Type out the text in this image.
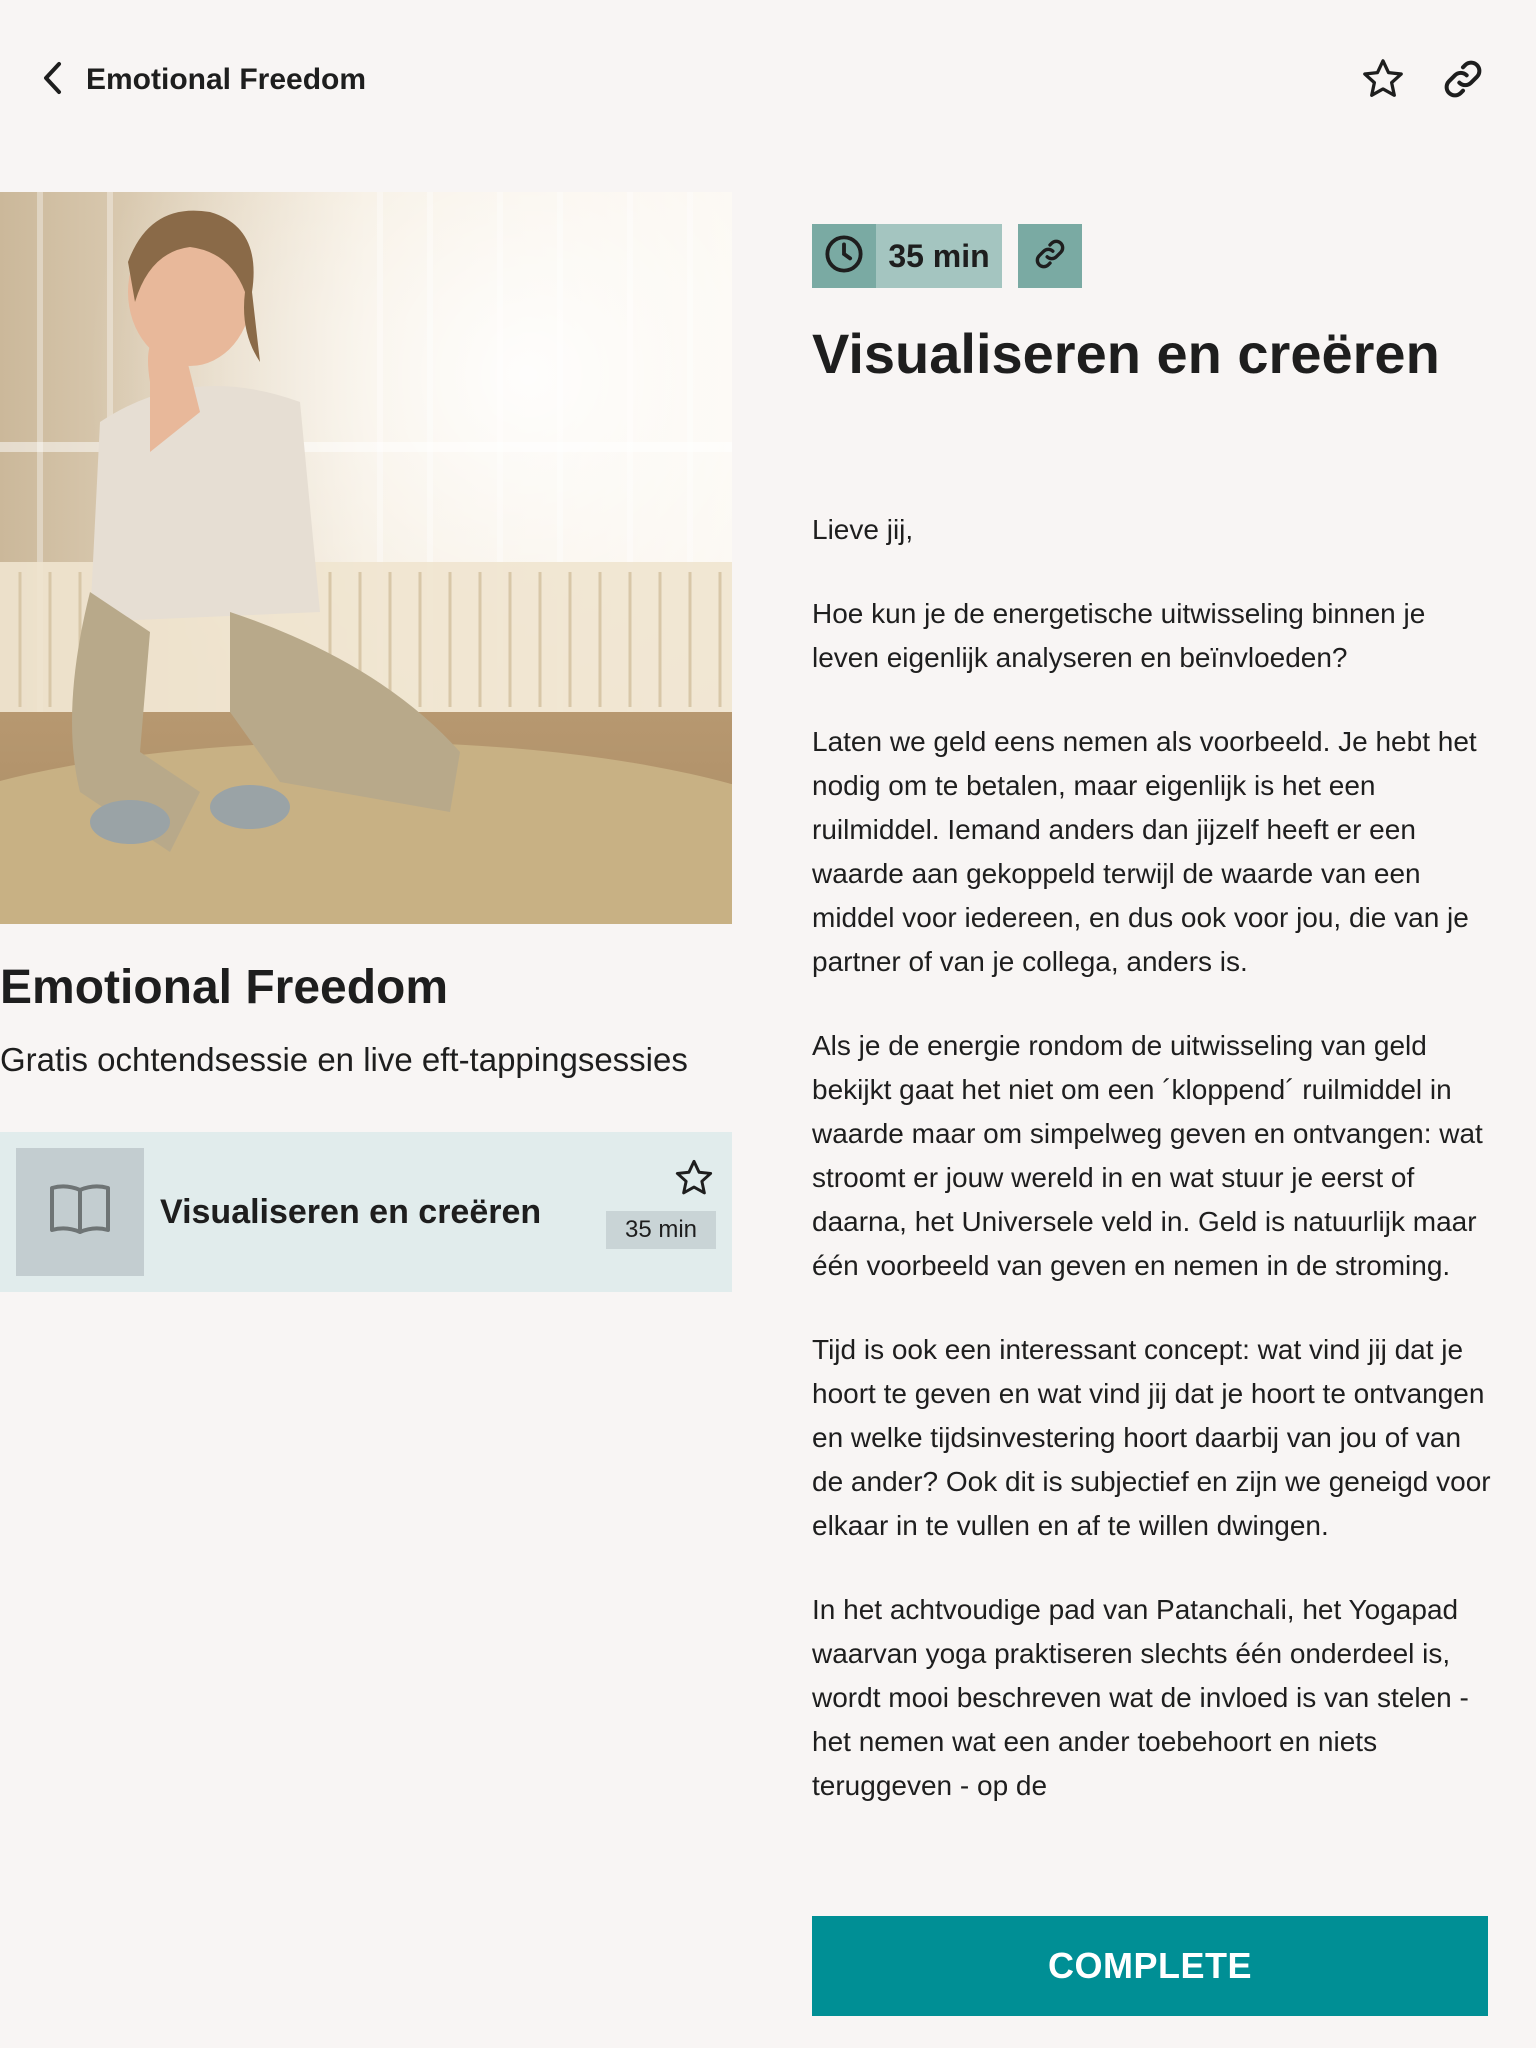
Emotional Freedom
Emotional Freedom
Gratis ochtendsessie en live eft-tappingsessies
Visualiseren en creëren	35 min
35 min
Visualiseren en creëren

Lieve jij,

Hoe kun je de energetische uitwisseling binnen je leven eigenlijk analyseren en beïnvloeden?

Laten we geld eens nemen als voorbeeld. Je hebt het nodig om te betalen, maar eigenlijk is het een ruilmiddel. Iemand anders dan jijzelf heeft er een waarde aan gekoppeld terwijl de waarde van een middel voor iedereen, en dus ook voor jou, die van je partner of van je collega, anders is.

Als je de energie rondom de uitwisseling van geld bekijkt gaat het niet om een ´kloppend´ ruilmiddel in waarde maar om simpelweg geven en ontvangen: wat stroomt er jouw wereld in en wat stuur je eerst of daarna, het Universele veld in. Geld is natuurlijk maar één voorbeeld van geven en nemen in de stroming.

Tijd is ook een interessant concept: wat vind jij dat je hoort te geven en wat vind jij dat je hoort te ontvangen en welke tijdsinvestering hoort daarbij van jou of van de ander? Ook dit is subjectief en zijn we geneigd voor elkaar in te vullen en af te willen dwingen.

In het achtvoudige pad van Patanchali, het Yogapad waarvan yoga praktiseren slechts één onderdeel is, wordt mooi beschreven wat de invloed is van stelen - het nemen wat een ander toebehoort en niets teruggeven - op de

COMPLETE
